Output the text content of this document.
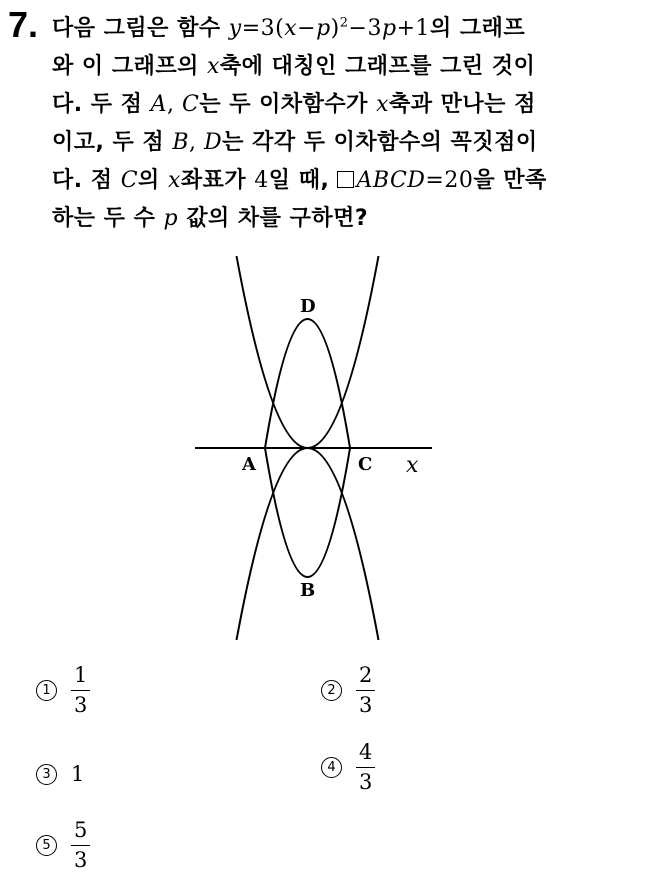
7. 다음 그림은 함수 $y=3(x-p)^2-3p+1$의 그래프
와 이 그래프의 x축에 대칭인 그래프를 그린 것이
다. 두 점 A, C는 두 이차함수가 x축과 만나는 점
이고, 두 점 B, D는 각각 두 이차함수의 꼭짓점이
다. 점 C의 x좌표가 4일 때, ABCD=20을 만족
하는 두 수 p 값의 차를 구하면?
A	C
D
B
x
$1 \frac{1}{3}$	$2 \frac{2}{3}$
3 1	$4 \frac{4}{3}$
$5 \frac{5}{3}$
